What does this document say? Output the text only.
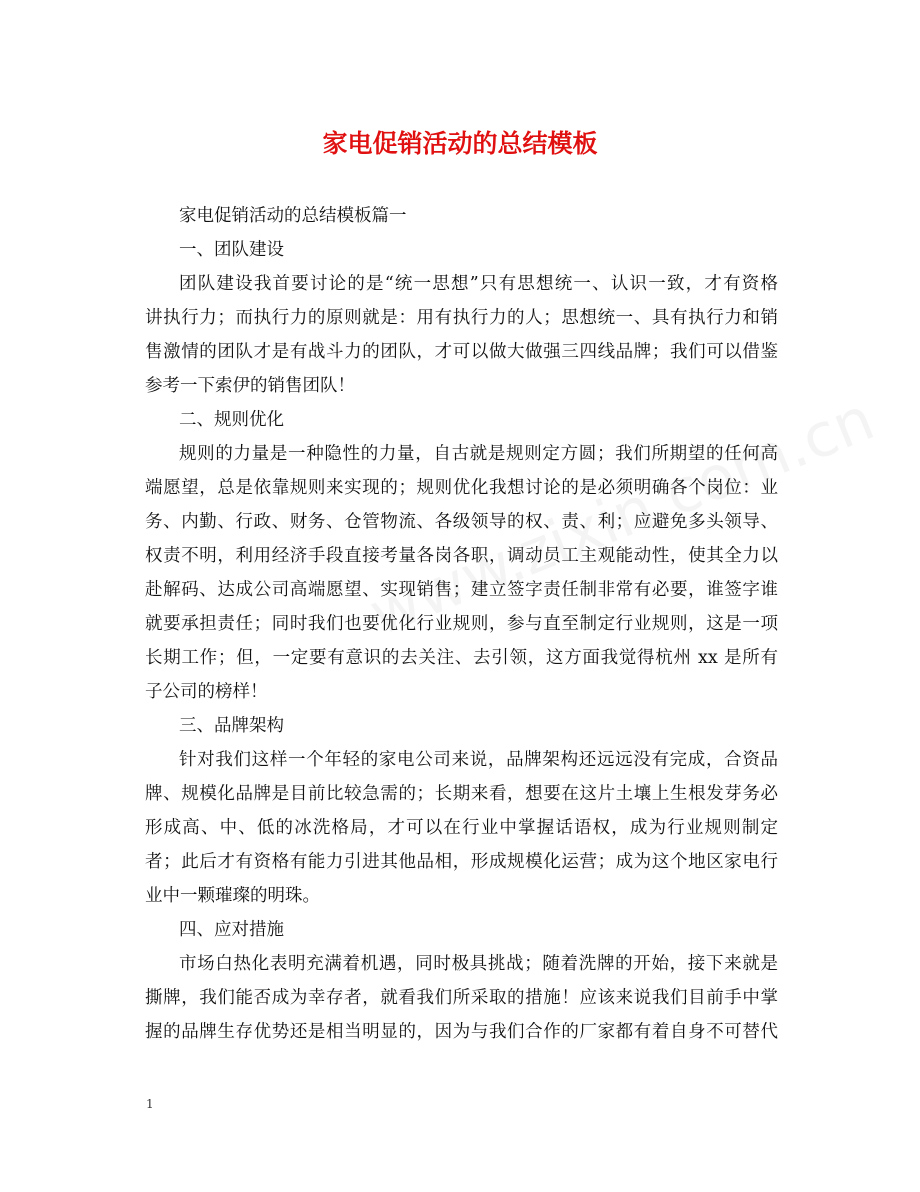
家电促销活动的总结模板

家电促销活动的总结模板篇一

一、团队建设

团队建设我首要讨论的是“统一思想”只有思想统一、认识一致，才有资格

讲执行力；而执行力的原则就是：用有执行力的人；思想统一、具有执行力和销

售激情的团队才是有战斗力的团队，才可以做大做强三四线品牌；我们可以借鉴

参考一下索伊的销售团队！

二、规则优化

规则的力量是一种隐性的力量，自古就是规则定方圆；我们所期望的任何高

端愿望，总是依靠规则来实现的；规则优化我想讨论的是必须明确各个岗位：业

务、内勤、行政、财务、仓管物流、各级领导的权、责、利；应避免多头领导、

权责不明，利用经济手段直接考量各岗各职，调动员工主观能动性，使其全力以

赴解码、达成公司高端愿望、实现销售；建立签字责任制非常有必要，谁签字谁

就要承担责任；同时我们也要优化行业规则，参与直至制定行业规则，这是一项

长期工作；但，一定要有意识的去关注、去引领，这方面我觉得杭州 xx 是所有

子公司的榜样！

三、品牌架构

针对我们这样一个年轻的家电公司来说，品牌架构还远远没有完成，合资品

牌、规模化品牌是目前比较急需的；长期来看，想要在这片土壤上生根发芽务必

形成高、中、低的冰洗格局，才可以在行业中掌握话语权，成为行业规则制定

者；此后才有资格有能力引进其他品相，形成规模化运营；成为这个地区家电行

业中一颗璀璨的明珠。

四、应对措施

市场白热化表明充满着机遇，同时极具挑战；随着洗牌的开始，接下来就是

撕牌，我们能否成为幸存者，就看我们所采取的措施！应该来说我们目前手中掌

握的品牌生存优势还是相当明显的，因为与我们合作的厂家都有着自身不可替代

1
